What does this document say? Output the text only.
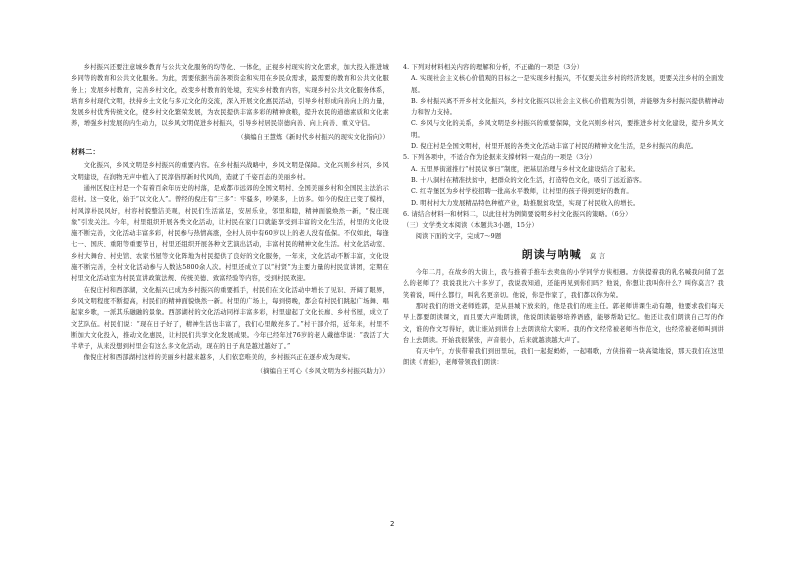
乡村振兴还要注意城乡教育与公共文化服务的均等化、一体化，正视乡村现实的文化需求，加大投入推进城乡同等的教育和公共文化服务。为此，需要依据当前各项资金和实用在乡民众需求，最需要的教育和公共文化服务上；发展乡村教育，完善乡村文化，改变乡村教育的处境，充实乡村教育内容，实现乡村公共文化服务体系，培育乡村现代文明，扶持乡土文化与多元文化的交流，深入开展文化惠民活动，引导乡村形成向善向上的力量，发展乡村优秀传统文化，使乡村文化繁荣发展，为农民提供丰富多彩的精神食粮，提升农民的道德素质和文化素养，增强乡村发展的内生动力，以乡风文明促进乡村振兴，引导乡村居民崇德向善、向上向善、重义守信。

（摘编自王慧炼《新时代乡村振兴的现实文化指向》）

材料二：

文化振兴，乡风文明是乡村振兴的重要内容。在乡村振兴战略中，乡风文明是保障。文化兴则乡村兴，乡风文明建设，在润物无声中植入了民淳俗厚新时代风尚，造就了千姿百态的美丽乡村。

通州区倪庄村是一个有着百余年历史的村落，是成都市远郊的全国文明村、全国美丽乡村和全国民主法治示范村。这一变化，始于“以文化人”。曾经的倪庄有“三多”：牢骚多，吵架多，上访多。如今的倪庄已变了模样，村风淳朴民风好，村容村貌整洁美观，村民们生活富足，安居乐业，邻里和睦，精神面貌焕然一新，“倪庄现象”引发关注。今年，村里组织开展各类文化活动，让村民在家门口就能享受到丰富的文化生活，村里的文化设施不断完善，文化活动丰富多彩，村民参与热情高涨，全村人员中有60岁以上的老人没有低保。不仅如此，每逢七一、国庆、重阳等重要节日，村里还组织开展各种文艺演出活动，丰富村民的精神文化生活。村文化活动室、乡村大舞台、村史馆、农家书屋等文化阵地为村民提供了良好的文化服务，一年来，文化活动不断丰富，文化设施不断完善，全村文化活动参与人数达5800余人次。村里还成立了以“村贤”为主要力量的村民宣讲团，定期在村里文化活动室为村民宣讲政策法规、传统美德、致富经验等内容，受到村民欢迎。

在倪庄村和西部湖，文化振兴已成为乡村振兴的重要抓手，村民们在文化活动中增长了见识、开阔了眼界，乡风文明程度不断提高，村民们的精神面貌焕然一新。村里的广场上，每到傍晚，都会有村民们跳起广场舞、唱起家乡歌，一派其乐融融的景象。西部湖村的文化活动同样丰富多彩，村里建起了文化长廊、乡村书屋，成立了文艺队伍。村民们说：“现在日子好了，精神生活也丰富了，我们心里敞亮多了。”村干部介绍，近年来，村里不断加大文化投入，推动文化惠民，让村民们共享文化发展成果。今年已经年过76岁的老人戴德华说：“我活了大半辈子，从来没想到村里会有这么多文化活动，现在的日子真是越过越好了。”

像倪庄村和西部湖村这样的美丽乡村越来越多，人们依恋唯美的，乡村振兴正在逐步成为现实。

（摘编自王可心《乡风文明为乡村振兴助力》）

4. 下列对材料相关内容的理解和分析，不正确的一项是（3分）

A. 实现社会主义核心价值观的目标之一是实现乡村振兴，不仅要关注乡村的经济发展，更要关注乡村的全面发展。

B. 乡村振兴离不开乡村文化振兴，乡村文化振兴以社会主义核心价值观为引领，并能够为乡村振兴提供精神动力和智力支持。

C. 乡风与文化的关系，乡风文明是乡村振兴的重要保障，文化兴则乡村兴，要推进乡村文化建设，提升乡风文明。

D. 倪庄村是全国文明村，村里开展的各类文化活动丰富了村民的精神文化生活，是乡村振兴的典范。

5. 下列各项中，不适合作为论据来支撑材料一观点的一项是（3分）

A. 五里界街道推行“村民议事日”制度，把基层治理与乡村文化建设结合了起来。

B. 十八洞村在精准扶贫中，把群众的文化生活，打造特色文化，吸引了远近游客。

C. 红寺堡区为乡村学校招聘一批高水平教师，让村里的孩子得到更好的教育。

D. 明村村大力发展精品特色种植产业，助推脱贫攻坚，实现了村民收入的增长。

6. 请结合材料一和材料二，以此往村为例简要说明乡村文化振兴的策略。（6分）

（三）文学类文本阅读（本题共3小题，15分）

阅读下面的文字，完成7～9题

朗读与呐喊 莫 言

今年二月，在故乡的大街上，我与推着手推车去卖鱼的小学同学方侠相遇。方侠提着我的乳名喊我问留了怎么的老师了？我说我比六十多岁了，我说我知道，还能再见到你们吗？他说，你想让我叫你什么？叫你莫言？我笑着说，叫什么都行，叫乳名更亲切。他说，你是作家了，我们都以你为荣。

那时我们的语文老师姓郭，是从县城下放来的，他是我们的班主任。郭老师讲课生动有趣，他要求我们每天早上都要朗读课文，而且要大声地朗读，他说朗读能够培养语感，能够帮助记忆。他还让我们朗读自己写的作文，谁的作文写得好，就让谁站到讲台上去朗读给大家听。我的作文经常被老师当作范文，也经常被老师叫到讲台上去朗读。开始我很紧张，声音很小，后来就越读越大声了。

有天中午，方侠带着我们到田里玩，我们一起捉蚂蚱，一起唱歌，方侠指着一块高粱地说，那天我们在这里朗读《青蛙》，老师带领我们朗读：

2
